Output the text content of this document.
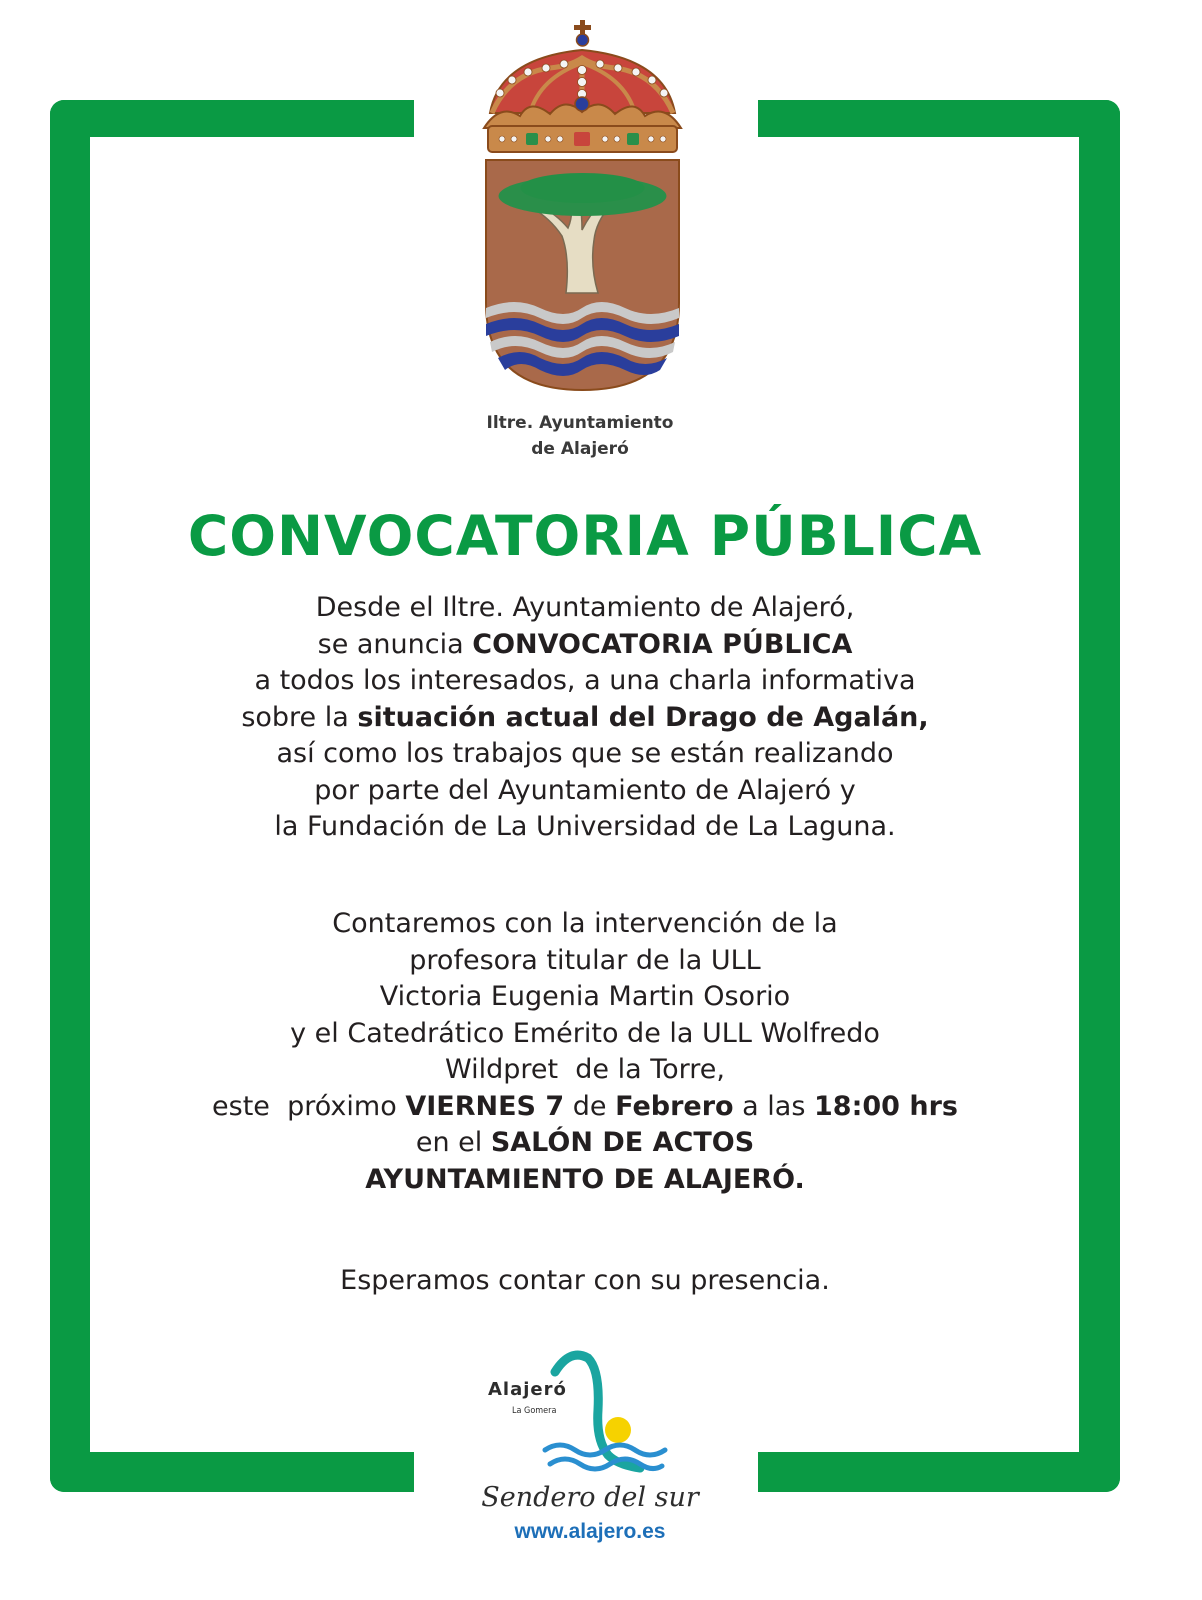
Iltre. Ayuntamiento
de Alajeró
CONVOCATORIA PÚBLICA
Desde el Iltre. Ayuntamiento de Alajeró,
se anuncia CONVOCATORIA PÚBLICA
a todos los interesados, a una charla informativa
sobre la situación actual del Drago de Agalán,
así como los trabajos que se están realizando
por parte del Ayuntamiento de Alajeró y
la Fundación de La Universidad de La Laguna.
Contaremos con la intervención de la
profesora titular de la ULL
Victoria Eugenia Martin Osorio
y el Catedrático Emérito de la ULL Wolfredo
Wildpret  de la Torre,
este  próximo VIERNES 7 de Febrero a las 18:00 hrs
en el SALÓN DE ACTOS
AYUNTAMIENTO DE ALAJERÓ.
Esperamos contar con su presencia.
Alajeró
La Gomera
Sendero del sur
www.alajero.es
